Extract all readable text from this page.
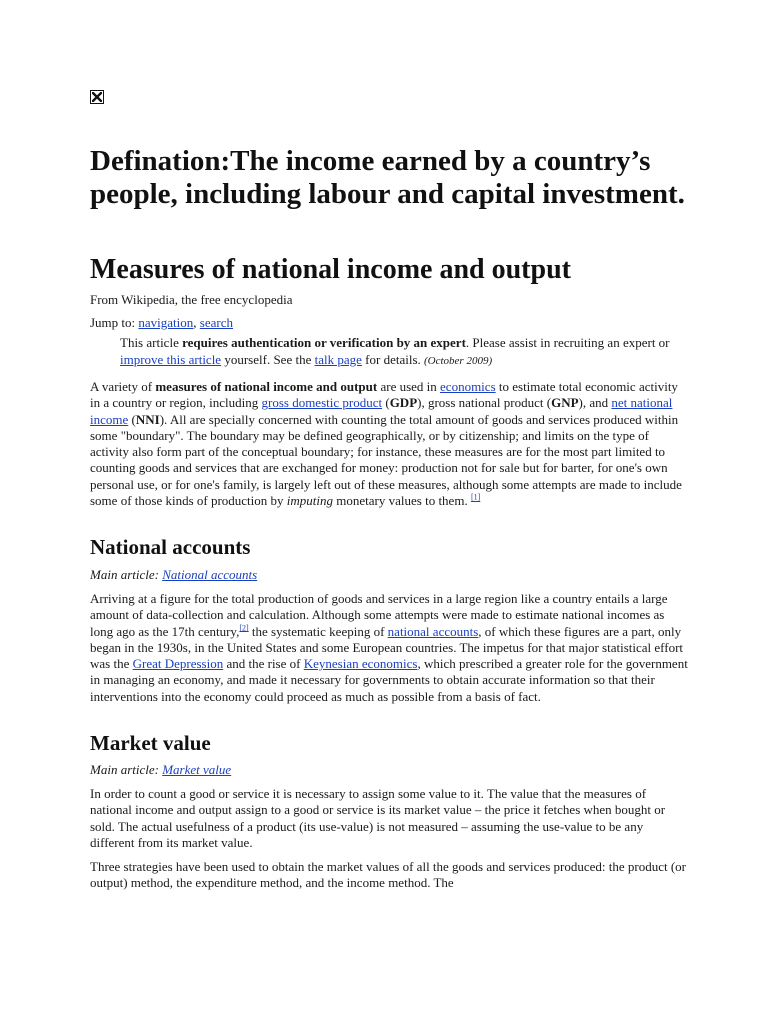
Defination:The income earned by a country’s people, including labour and capital investment.
Measures of national income and output
From Wikipedia, the free encyclopedia
Jump to: navigation, search
This article requires authentication or verification by an expert. Please assist in recruiting an expert or improve this article yourself. See the talk page for details. (October 2009)

A variety of measures of national income and output are used in economics to estimate total economic activity in a country or region, including gross domestic product (GDP), gross national product (GNP), and net national income (NNI). All are specially concerned with counting the total amount of goods and services produced within some "boundary". The boundary may be defined geographically, or by citizenship; and limits on the type of activity also form part of the conceptual boundary; for instance, these measures are for the most part limited to counting goods and services that are exchanged for money: production not for sale but for barter, for one's own personal use, or for one's family, is largely left out of these measures, although some attempts are made to include some of those kinds of production by imputing monetary values to them. [1]

National accounts
Main article: National accounts

Arriving at a figure for the total production of goods and services in a large region like a country entails a large amount of data-collection and calculation. Although some attempts were made to estimate national incomes as long ago as the 17th century,[2] the systematic keeping of national accounts, of which these figures are a part, only began in the 1930s, in the United States and some European countries. The impetus for that major statistical effort was the Great Depression and the rise of Keynesian economics, which prescribed a greater role for the government in managing an economy, and made it necessary for governments to obtain accurate information so that their interventions into the economy could proceed as much as possible from a basis of fact.

Market value
Main article: Market value

In order to count a good or service it is necessary to assign some value to it. The value that the measures of national income and output assign to a good or service is its market value – the price it fetches when bought or sold. The actual usefulness of a product (its use-value) is not measured – assuming the use-value to be any different from its market value.

Three strategies have been used to obtain the market values of all the goods and services produced: the product (or output) method, the expenditure method, and the income method. The
